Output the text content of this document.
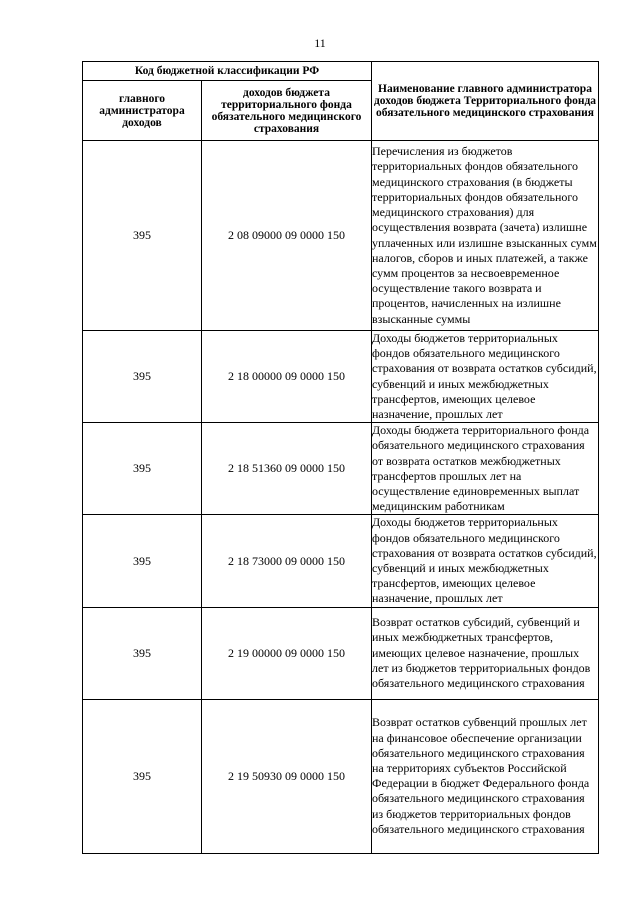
11
Код бюджетной классификации РФ		Наименование главного администратора доходов бюджета Территориального фонда обязательного медицинского страхования
главного администратора доходов	доходов бюджета территориального фонда обязательного медицинского страхования	
395	2 08 09000 09 0000 150	Перечисления из бюджетов территориальных фондов обязательного медицинского страхования (в бюджеты территориальных фондов обязательного медицинского страхования) для осуществления возврата (зачета) излишне уплаченных или излишне взысканных сумм налогов, сборов и иных платежей, а также сумм процентов за несвоевременное осуществление такого возврата и процентов, начисленных на излишне взысканные суммы
395	2 18 00000 09 0000 150	Доходы бюджетов территориальных фондов обязательного медицинского страхования от возврата остатков субсидий, субвенций и иных межбюджетных трансфертов, имеющих целевое назначение, прошлых лет
395	2 18 51360 09 0000 150	Доходы бюджета территориального фонда обязательного медицинского страхования от возврата остатков межбюджетных трансфертов прошлых лет на осуществление единовременных выплат медицинским работникам
395	2 18 73000 09 0000 150	Доходы бюджетов территориальных фондов обязательного медицинского страхования от возврата остатков субсидий, субвенций и иных межбюджетных трансфертов, имеющих целевое назначение, прошлых лет
395	2 19 00000 09 0000 150	Возврат остатков субсидий, субвенций и иных межбюджетных трансфертов, имеющих целевое назначение, прошлых лет из бюджетов территориальных фондов обязательного медицинского страхования
395	2 19 50930 09 0000 150	Возврат остатков субвенций прошлых лет на финансовое обеспечение организации обязательного медицинского страхования на территориях субъектов Российской Федерации в бюджет Федерального фонда обязательного медицинского страхования из бюджетов территориальных фондов обязательного медицинского страхования
